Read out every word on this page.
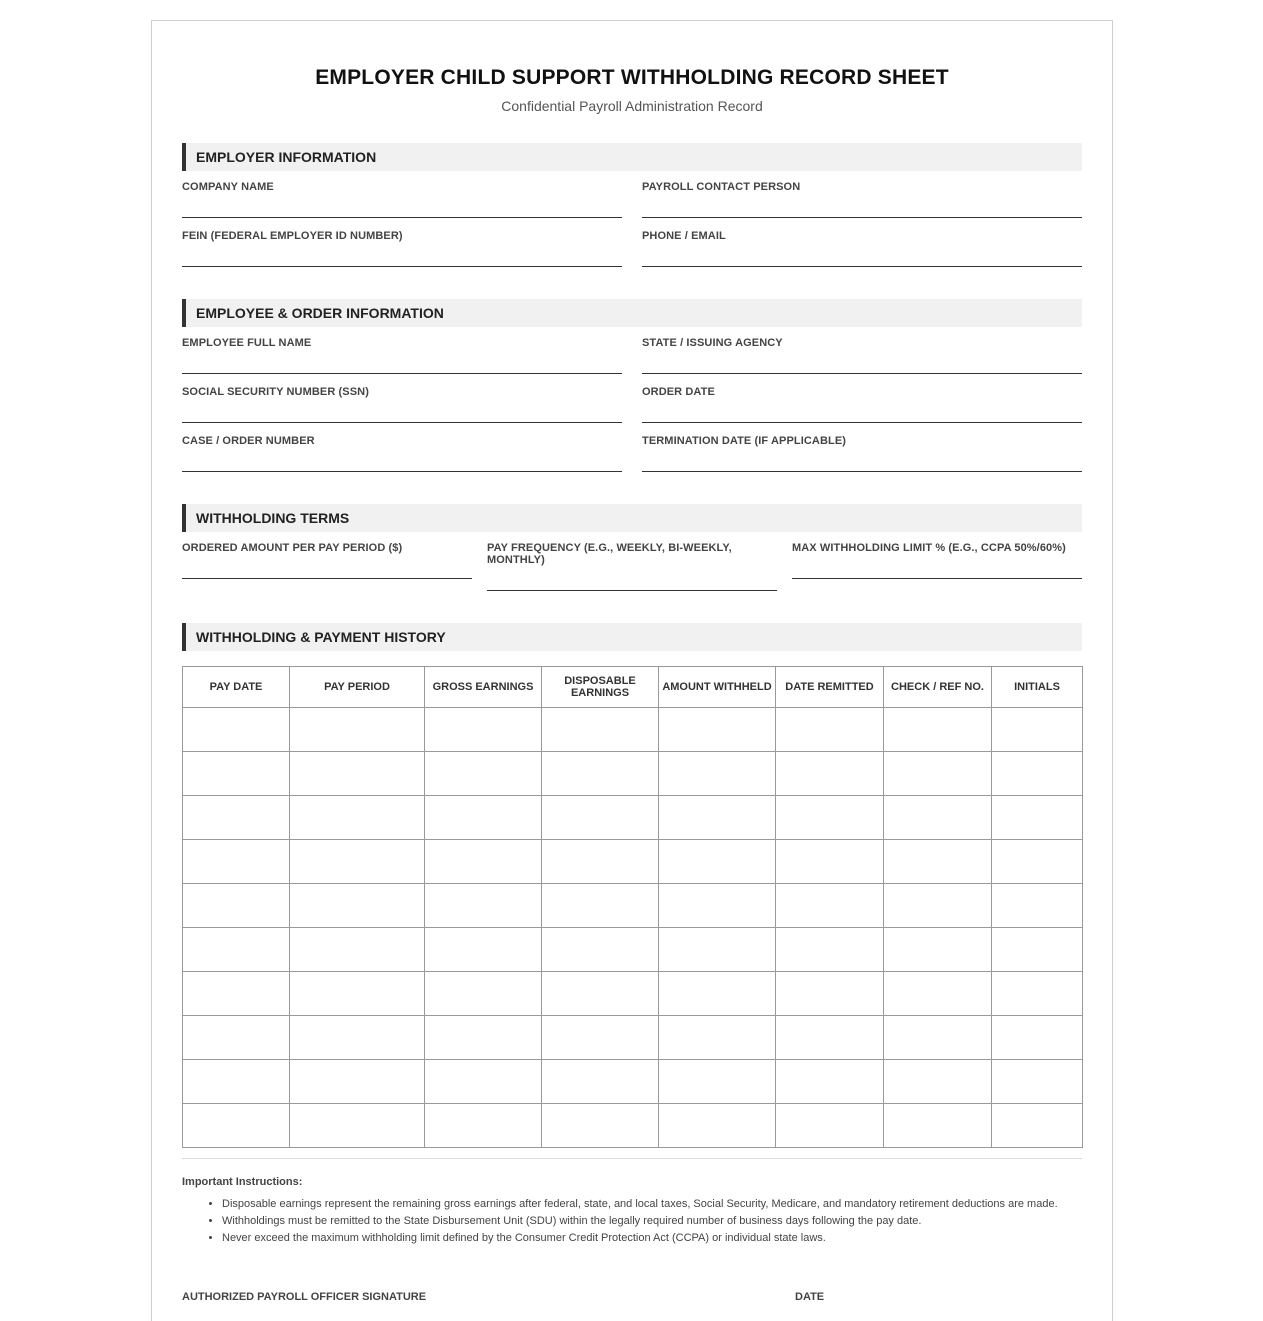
EMPLOYER CHILD SUPPORT WITHHOLDING RECORD SHEET
Confidential Payroll Administration Record
EMPLOYER INFORMATION
COMPANY NAME	PAYROLL CONTACT PERSON
FEIN (FEDERAL EMPLOYER ID NUMBER)	PHONE / EMAIL
EMPLOYEE & ORDER INFORMATION
EMPLOYEE FULL NAME	STATE / ISSUING AGENCY
SOCIAL SECURITY NUMBER (SSN)	ORDER DATE
CASE / ORDER NUMBER	TERMINATION DATE (IF APPLICABLE)
WITHHOLDING TERMS
ORDERED AMOUNT PER PAY PERIOD ($)	PAY FREQUENCY (E.G., WEEKLY, BI-WEEKLY, MONTHLY)
MAX WITHHOLDING LIMIT % (E.G., CCPA 50%/60%)
WITHHOLDING & PAYMENT HISTORY
PAY DATE	PAY PERIOD	GROSS EARNINGS	DISPOSABLE EARNINGS	AMOUNT WITHHELD	DATE REMITTED	CHECK / REF NO.	INITIALS

Important Instructions:
• Disposable earnings represent the remaining gross earnings after federal, state, and local taxes, Social Security, Medicare, and mandatory retirement deductions are made.
• Withholdings must be remitted to the State Disbursement Unit (SDU) within the legally required number of business days following the pay date.
• Never exceed the maximum withholding limit defined by the Consumer Credit Protection Act (CCPA) or individual state laws.
AUTHORIZED PAYROLL OFFICER SIGNATURE	DATE
